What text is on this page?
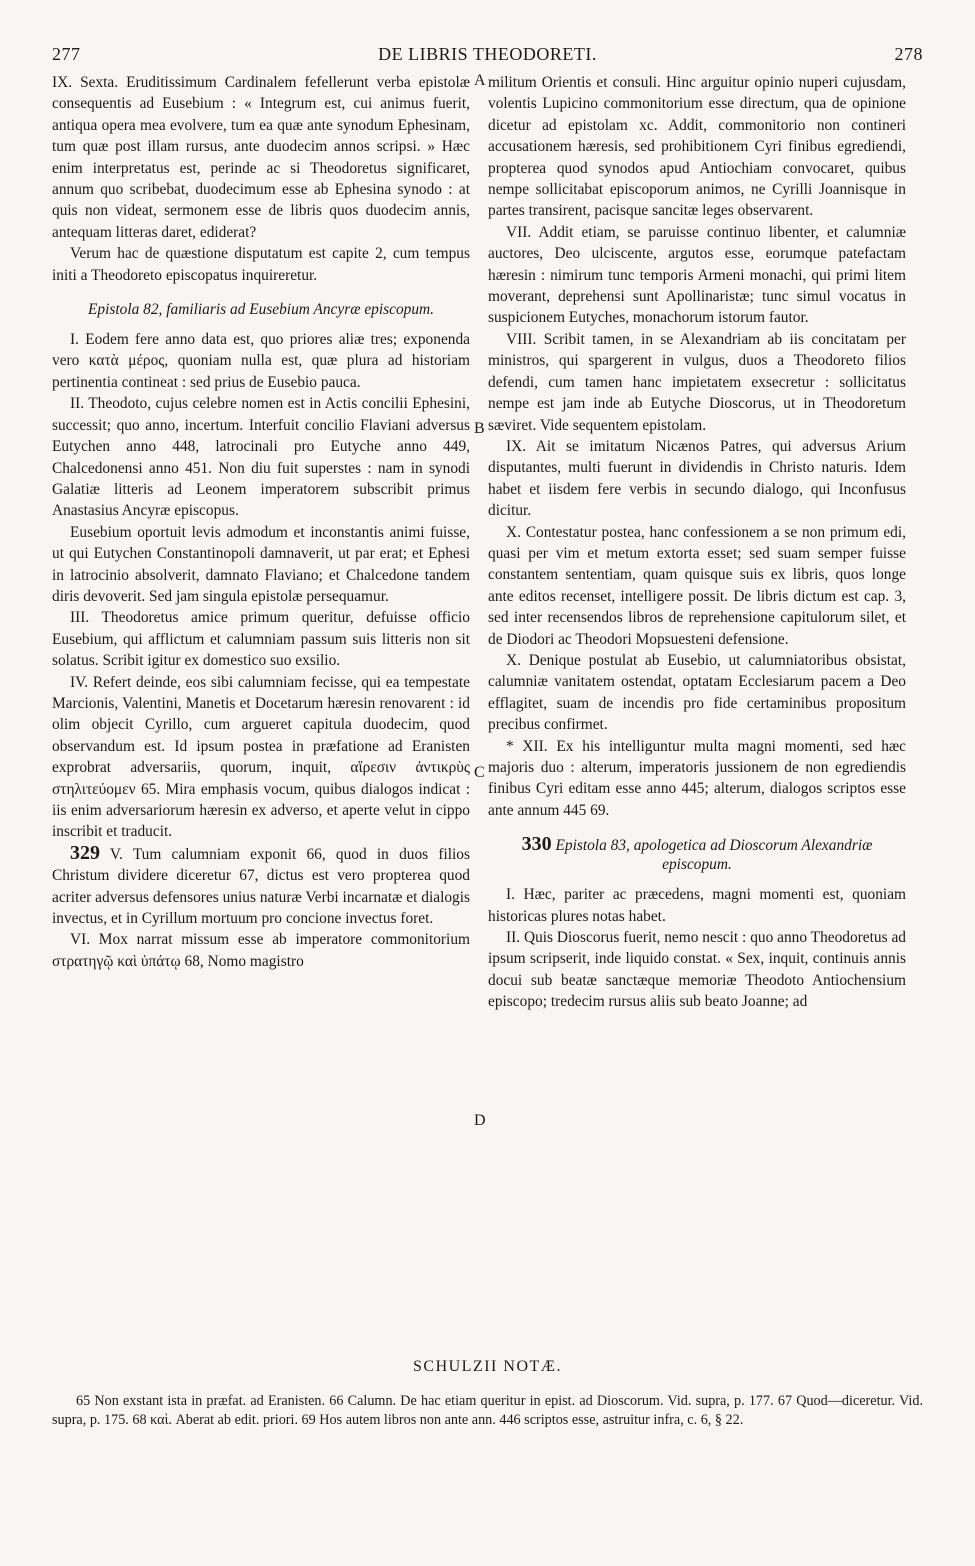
277	DE LIBRIS THEODORETI.	278

IX. Sexta. Eruditissimum Cardinalem fefellerunt verba epistolæ consequentis ad Eusebium : « Integrum est, cui animus fuerit, antiqua opera mea evolvere, tum ea quæ ante synodum Ephesinam, tum quæ post illam rursus, ante duodecim annos scripsi. » Hæc enim interpretatus est, perinde ac si Theodoretus significaret, annum quo scribebat, duodecimum esse ab Ephesina synodo : at quis non videat, sermonem esse de libris quos duodecim annis, antequam litteras daret, ediderat?

Verum hac de quæstione disputatum est capite 2, cum tempus initi a Theodoreto episcopatus inquireretur.

Epistola 82, familiaris ad Eusebium Ancyræ episcopum.

I. Eodem fere anno data est, quo priores aliæ tres; exponenda vero κατὰ μέρος, quoniam nulla est, quæ plura ad historiam pertinentia contineat : sed prius de Eusebio pauca.

II. Theodoto, cujus celebre nomen est in Actis concilii Ephesini, successit; quo anno, incertum. Interfuit concilio Flaviani adversus Eutychen anno 448, latrocinali pro Eutyche anno 449, Chalcedonensi anno 451. Non diu fuit superstes : nam in synodi Galatiæ litteris ad Leonem imperatorem subscribit primus Anastasius Ancyræ episcopus.

Eusebium oportuit levis admodum et inconstantis animi fuisse, ut qui Eutychen Constantinopoli damnaverit, ut par erat; et Ephesi in latrocinio absolverit, damnato Flaviano; et Chalcedone tandem diris devoverit. Sed jam singula epistolæ persequamur.

III. Theodoretus amice primum queritur, defuisse officio Eusebium, qui afflictum et calumniam passum suis litteris non sit solatus. Scribit igitur ex domestico suo exsilio.

IV. Refert deinde, eos sibi calumniam fecisse, qui ea tempestate Marcionis, Valentini, Manetis et Docetarum hæresin renovarent : id olim objecit Cyrillo, cum argueret capitula duodecim, quod observandum est. Id ipsum postea in præfatione ad Eranisten exprobrat adversariis, quorum, inquit, αἵρεσιν ἀντικρὺς στηλιτεύομεν 65. Mira emphasis vocum, quibus dialogos indicat : iis enim adversariorum hæresin ex adverso, et aperte velut in cippo inscribit et traducit.

329 V. Tum calumniam exponit 66, quod in duos filios Christum dividere diceretur 67, dictus est vero propterea quod acriter adversus defensores unius naturæ Verbi incarnatæ et dialogis invectus, et in Cyrillum mortuum pro concione invectus foret.

VI. Mox narrat missum esse ab imperatore commonitorium στρατηγῷ καὶ ὑπάτῳ 68, Nomo magistro

militum Orientis et consuli. Hinc arguitur opinio nuperi cujusdam, volentis Lupicino commonitorium esse directum, qua de opinione dicetur ad epistolam xc. Addit, commonitorio non contineri accusationem hæresis, sed prohibitionem Cyri finibus egrediendi, propterea quod synodos apud Antiochiam convocaret, quibus nempe sollicitabat episcoporum animos, ne Cyrilli Joannisque in partes transirent, pacisque sancitæ leges observarent.

VII. Addit etiam, se paruisse continuo libenter, et calumniæ auctores, Deo ulciscente, argutos esse, eorumque patefactam hæresin : nimirum tunc temporis Armeni monachi, qui primi litem moverant, deprehensi sunt Apollinaristæ; tunc simul vocatus in suspicionem Eutyches, monachorum istorum fautor.

VIII. Scribit tamen, in se Alexandriam ab iis concitatam per ministros, qui spargerent in vulgus, duos a Theodoreto filios defendi, cum tamen hanc impietatem exsecretur : sollicitatus nempe est jam inde ab Eutyche Dioscorus, ut in Theodoretum sæviret. Vide sequentem epistolam.

IX. Ait se imitatum Nicænos Patres, qui adversus Arium disputantes, multi fuerunt in dividendis in Christo naturis. Idem habet et iisdem fere verbis in secundo dialogo, qui Inconfusus dicitur.

X. Contestatur postea, hanc confessionem a se non primum edi, quasi per vim et metum extorta esset; sed suam semper fuisse constantem sententiam, quam quisque suis ex libris, quos longe ante editos recenset, intelligere possit. De libris dictum est cap. 3, sed inter recensendos libros de reprehensione capitulorum silet, et de Diodori ac Theodori Mopsuesteni defensione.

X. Denique postulat ab Eusebio, ut calumniatoribus obsistat, calumniæ vanitatem ostendat, optatam Ecclesiarum pacem a Deo efflagitet, suam de incendis pro fide certaminibus propositum precibus confirmet.

* XII. Ex his intelliguntur multa magni momenti, sed hæc majoris duo : alterum, imperatoris jussionem de non egrediendis finibus Cyri editam esse anno 445; alterum, dialogos scriptos esse ante annum 445 69.

330 Epistola 83, apologetica ad Dioscorum Alexandriæ episcopum.

I. Hæc, pariter ac præcedens, magni momenti est, quoniam historicas plures notas habet.

II. Quis Dioscorus fuerit, nemo nescit : quo anno Theodoretus ad ipsum scripserit, inde liquido constat. « Sex, inquit, continuis annis docui sub beatæ sanctæque memoriæ Theodoto Antiochensium episcopo; tredecim rursus aliis sub beato Joanne; ad

A
B
C
D
SCHULZII NOTÆ.

65 Non exstant ista in præfat. ad Eranisten. 66 Calumn. De hac etiam queritur in epist. ad Dioscorum. Vid. supra, p. 177. 67 Quod—diceretur. Vid. supra, p. 175. 68 καὶ. Aberat ab edit. priori. 69 Hos autem libros non ante ann. 446 scriptos esse, astruitur infra, c. 6, § 22.
